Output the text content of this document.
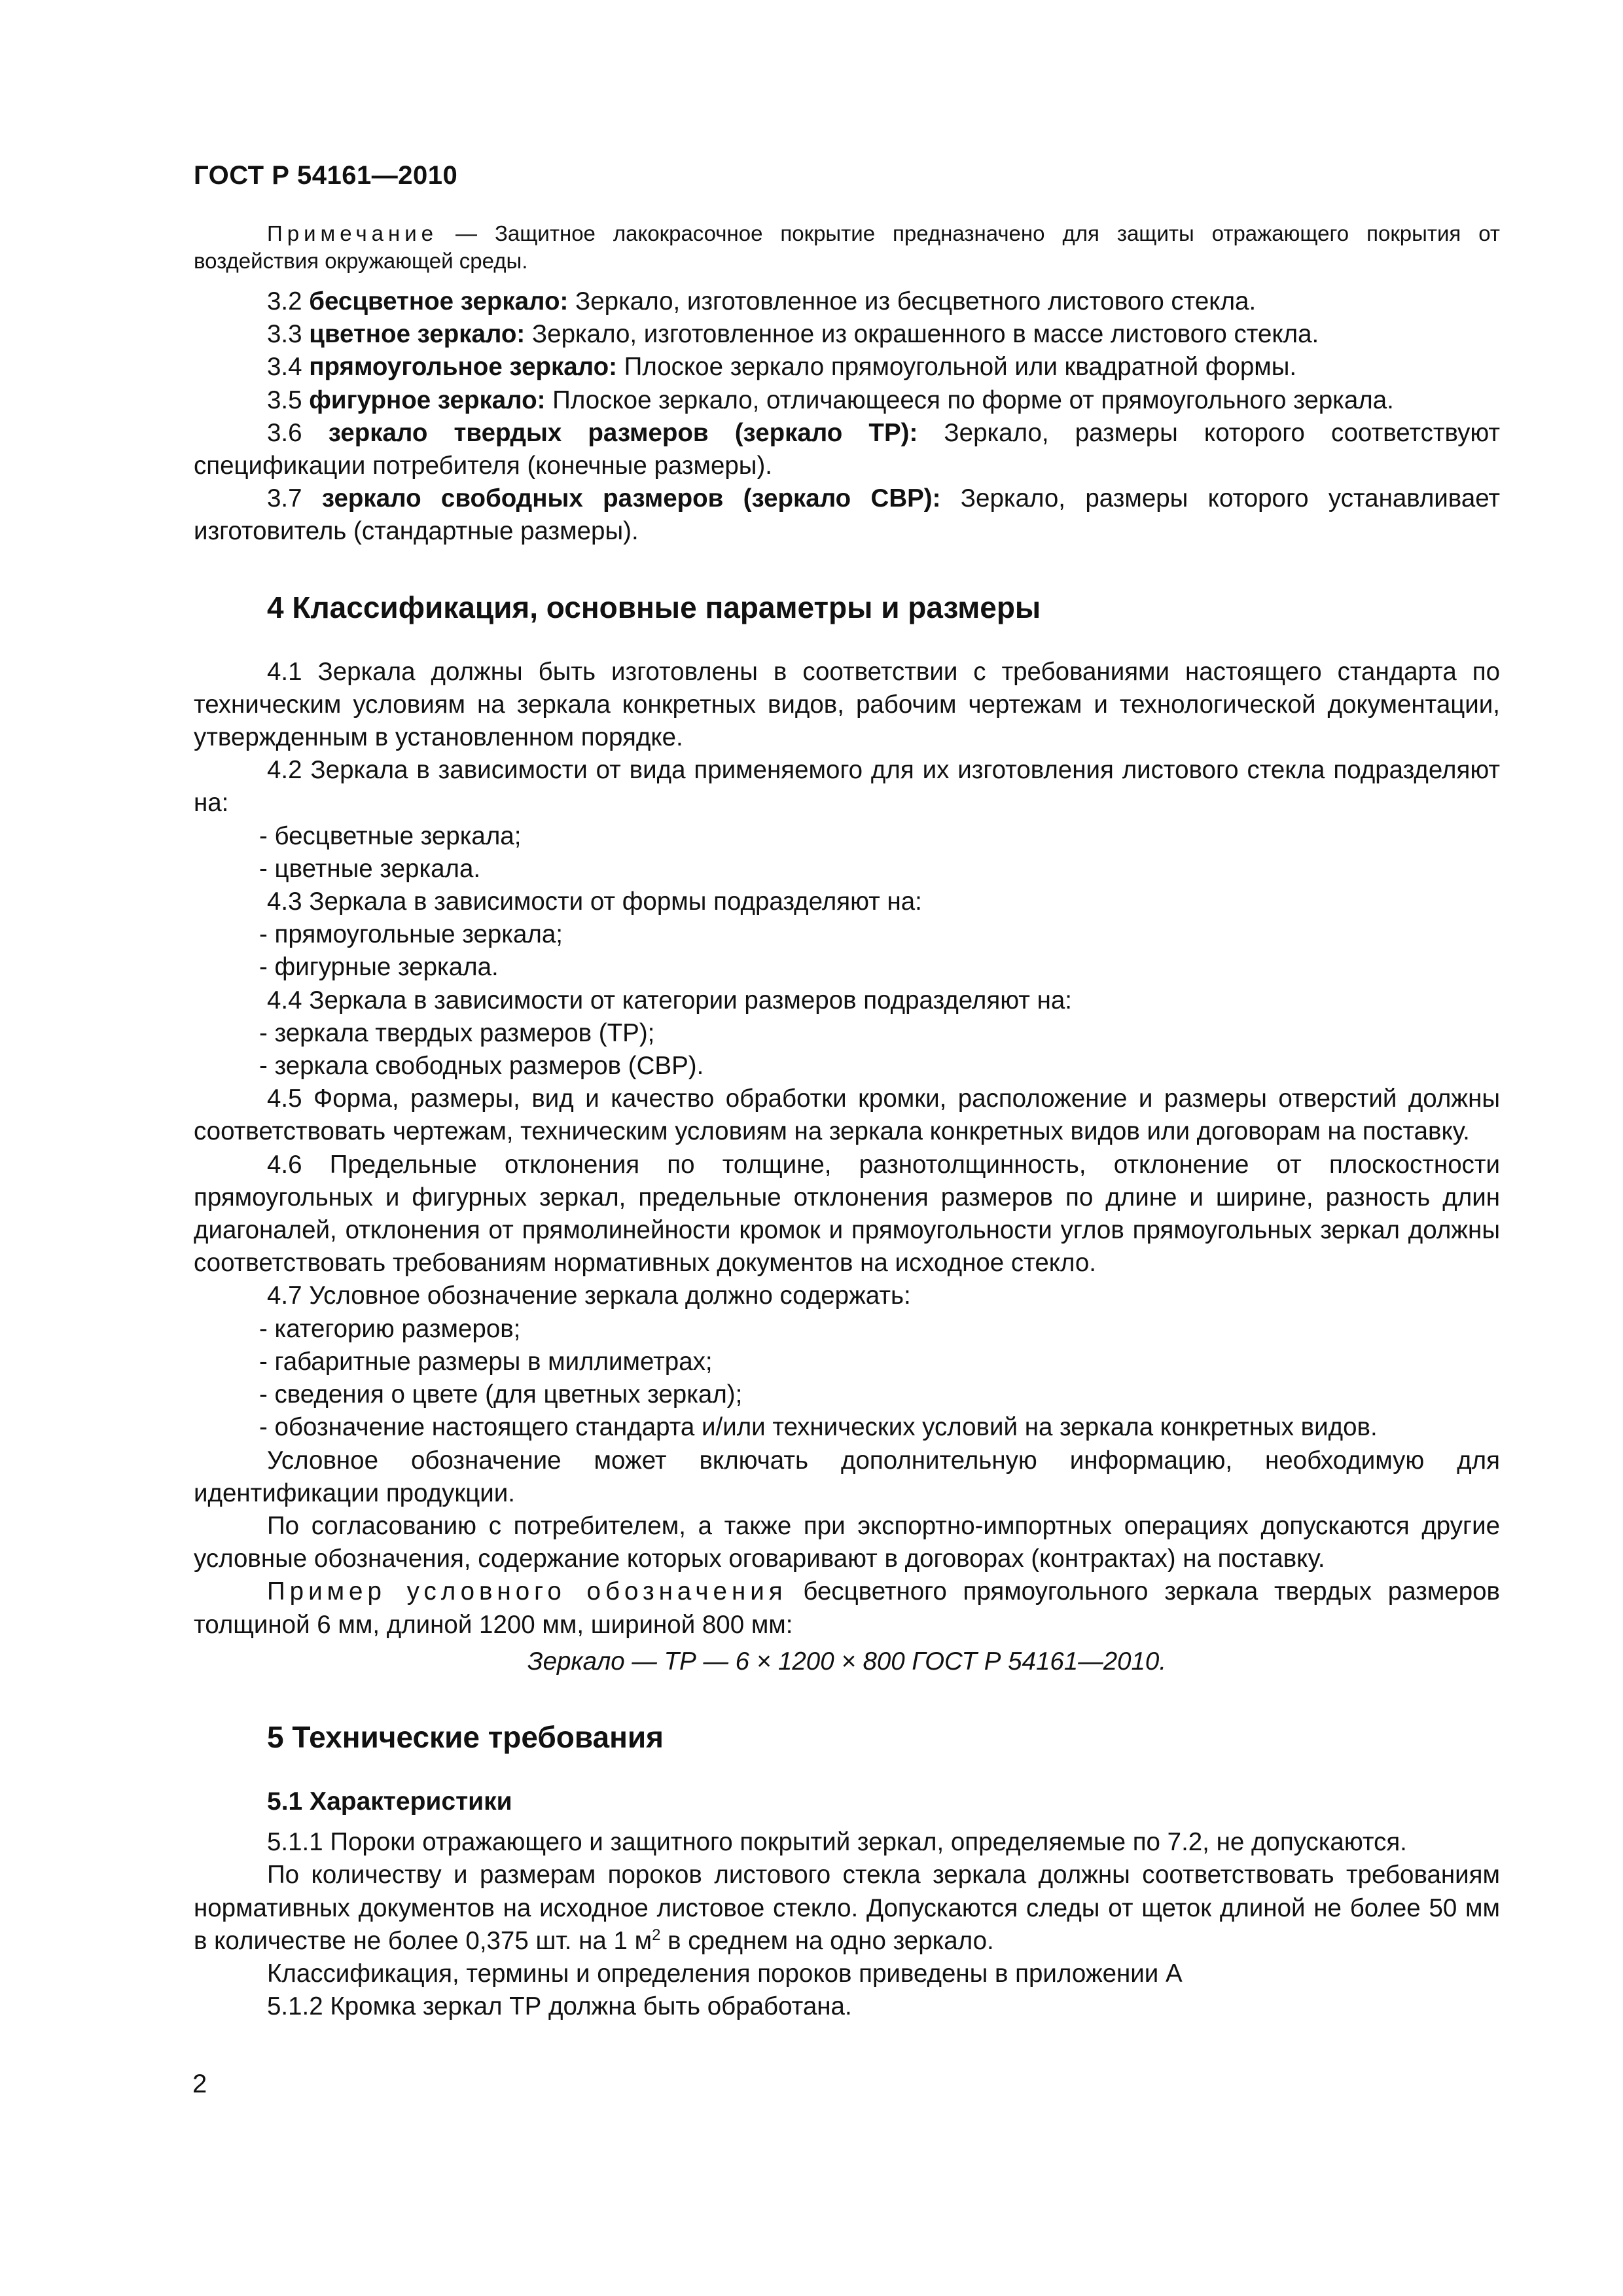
ГОСТ Р 54161—2010

Примечание — Защитное лакокрасочное покрытие предназначено для защиты отражающего покрытия от воздействия окружающей среды.

3.2 бесцветное зеркало: Зеркало, изготовленное из бесцветного листового стекла.

3.3 цветное зеркало: Зеркало, изготовленное из окрашенного в массе листового стекла.

3.4 прямоугольное зеркало: Плоское зеркало прямоугольной или квадратной формы.

3.5 фигурное зеркало: Плоское зеркало, отличающееся по форме от прямоугольного зеркала.

3.6 зеркало твердых размеров (зеркало ТР): Зеркало, размеры которого соответствуют спецификации потребителя (конечные размеры).

3.7 зеркало свободных размеров (зеркало СВР): Зеркало, размеры которого устанавливает изготовитель (стандартные размеры).

4 Классификация, основные параметры и размеры

4.1 Зеркала должны быть изготовлены в соответствии с требованиями настоящего стандарта по техническим условиям на зеркала конкретных видов, рабочим чертежам и технологической документации, утвержденным в установленном порядке.

4.2 Зеркала в зависимости от вида применяемого для их изготовления листового стекла подразделяют на:

- бесцветные зеркала;

- цветные зеркала.

4.3 Зеркала в зависимости от формы подразделяют на:

- прямоугольные зеркала;

- фигурные зеркала.

4.4 Зеркала в зависимости от категории размеров подразделяют на:

- зеркала твердых размеров (ТР);

- зеркала свободных размеров (СВР).

4.5 Форма, размеры, вид и качество обработки кромки, расположение и размеры отверстий должны соответствовать чертежам, техническим условиям на зеркала конкретных видов или договорам на поставку.

4.6 Предельные отклонения по толщине, разнотолщинность, отклонение от плоскостности прямоугольных и фигурных зеркал, предельные отклонения размеров по длине и ширине, разность длин диагоналей, отклонения от прямолинейности кромок и прямоугольности углов прямоугольных зеркал должны соответствовать требованиям нормативных документов на исходное стекло.

4.7 Условное обозначение зеркала должно содержать:

- категорию размеров;

- габаритные размеры в миллиметрах;

- сведения о цвете (для цветных зеркал);

- обозначение настоящего стандарта и/или технических условий на зеркала конкретных видов.

Условное обозначение может включать дополнительную информацию, необходимую для идентификации продукции.

По согласованию с потребителем, а также при экспортно-импортных операциях допускаются другие условные обозначения, содержание которых оговаривают в договорах (контрактах) на поставку.

Пример условного обозначения бесцветного прямоугольного зеркала твердых размеров толщиной 6 мм, длиной 1200 мм, шириной 800 мм:

Зеркало — ТР — 6 × 1200 × 800 ГОСТ Р 54161—2010.

5 Технические требования

5.1 Характеристики

5.1.1 Пороки отражающего и защитного покрытий зеркал, определяемые по 7.2, не допускаются.

По количеству и размерам пороков листового стекла зеркала должны соответствовать требованиям нормативных документов на исходное листовое стекло. Допускаются следы от щеток длиной не более 50 мм в количестве не более 0,375 шт. на 1 $м^2$ в среднем на одно зеркало.

Классификация, термины и определения пороков приведены в приложении А

5.1.2 Кромка зеркал ТР должна быть обработана.

2
